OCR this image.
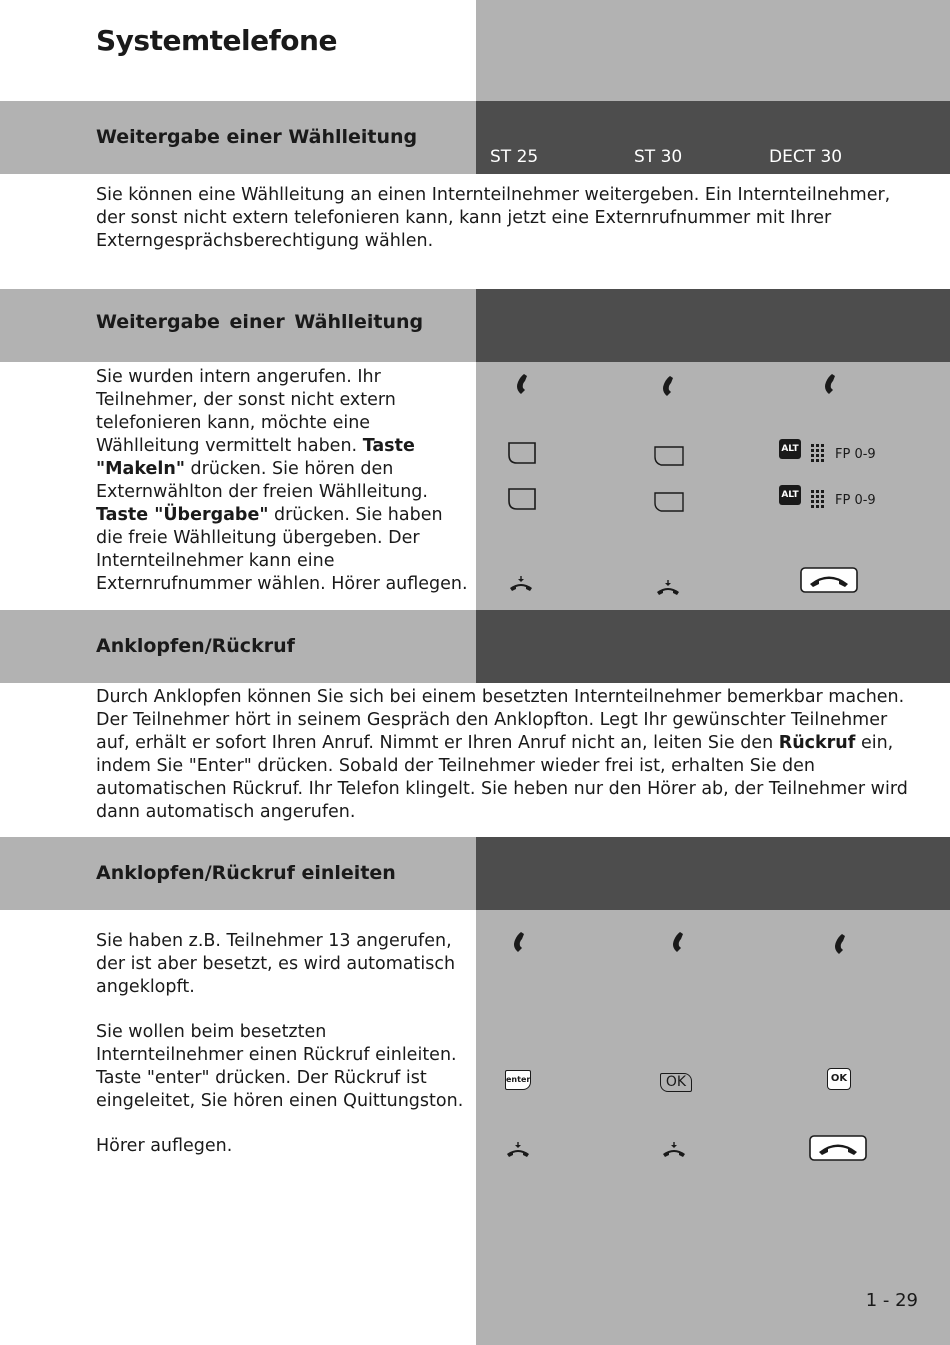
Systemtelefone
Weitergabe einer Wählleitung
ST 25	ST 30	DECT 30
Sie können eine Wählleitung an einen Internteilnehmer weitergeben. Ein Internteilnehmer, der sonst nicht extern telefonieren kann, kann jetzt eine Externrufnummer mit Ihrer Externgesprächsberechtigung wählen.
Weitergabe einer Wählleitung

Sie wurden intern angerufen. Ihr Teilnehmer, der sonst nicht extern telefonieren kann, möchte eine Wählleitung vermittelt haben. Taste "Makeln" drücken. Sie hören den Externwählton der freien Wählleitung. Taste "Übergabe" drücken. Sie haben die freie Wählleitung übergeben. Der Internteilnehmer kann eine Externrufnummer wählen. Hörer auflegen.

ALT	FP 0-9
ALT	FP 0-9
Anklopfen/Rückruf

Durch Anklopfen können Sie sich bei einem besetzten Internteilnehmer bemerkbar machen. Der Teilnehmer hört in seinem Gespräch den Anklopfton. Legt Ihr gewünschter Teilnehmer auf, erhält er sofort Ihren Anruf. Nimmt er Ihren Anruf nicht an, leiten Sie den Rückruf ein, indem Sie "Enter" drücken. Sobald der Teilnehmer wieder frei ist, erhalten Sie den automatischen Rückruf. Ihr Telefon klingelt. Sie heben nur den Hörer ab, der Teilnehmer wird dann automatisch angerufen.

Anklopfen/Rückruf einleiten
Sie haben z.B. Teilnehmer 13 angerufen, der ist aber besetzt, es wird automatisch angeklopft.
Sie wollen beim besetzten Internteilnehmer einen Rückruf einleiten. Taste "enter" drücken. Der Rückruf ist eingeleitet, Sie hören einen Quittungston.
Hörer auflegen.
enter	OK	OK
1 - 29
